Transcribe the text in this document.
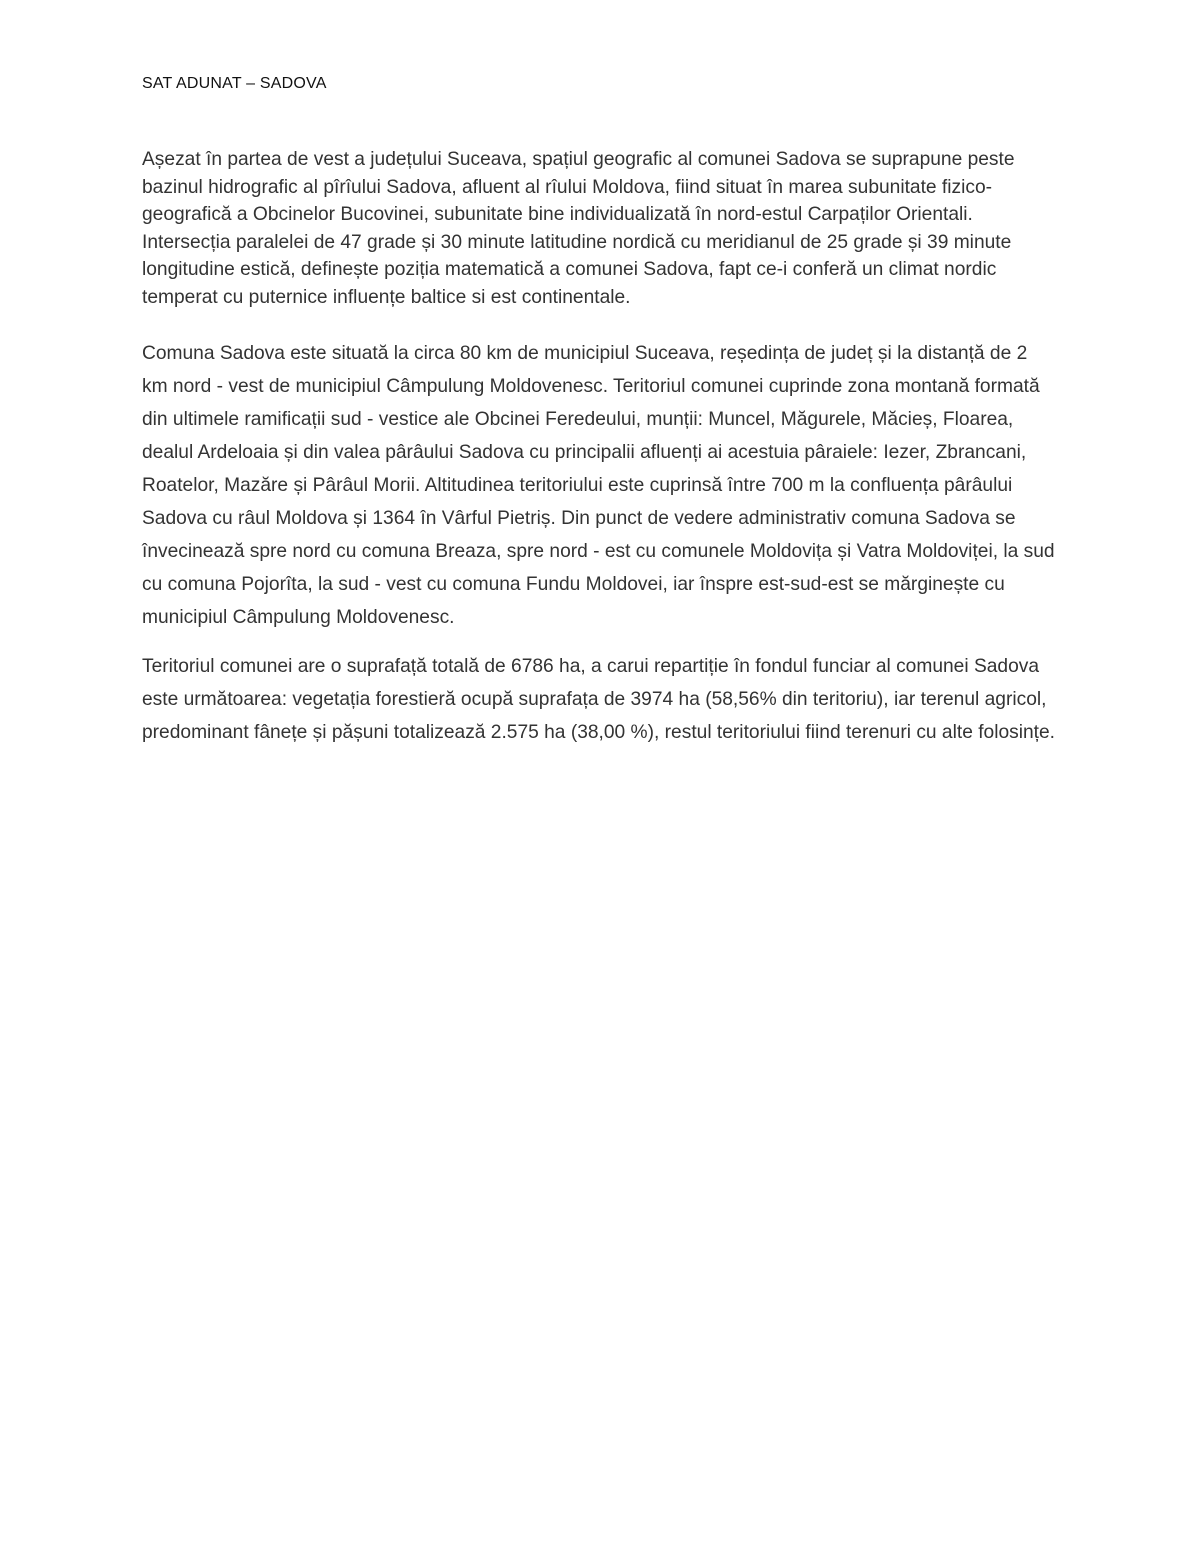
SAT ADUNAT – SADOVA

Așezat în partea de vest a județului Suceava, spațiul geografic al comunei Sadova se suprapune peste bazinul hidrografic al pîrîului Sadova, afluent al rîului Moldova, fiind situat în marea subunitate fizico-geografică a Obcinelor Bucovinei, subunitate bine individualizată în nord-estul Carpaților Orientali. Intersecția paralelei de 47 grade și 30 minute latitudine nordică cu meridianul de 25 grade și 39 minute longitudine estică, definește poziția matematică a comunei Sadova, fapt ce-i conferă un climat nordic temperat cu puternice influențe baltice si est continentale.

Comuna Sadova este situată la circa 80 km de municipiul Suceava, reședința de județ și la distanță de 2 km nord - vest de municipiul Câmpulung Moldovenesc. Teritoriul comunei cuprinde zona montană formată din ultimele ramificații sud - vestice ale Obcinei Feredeului, munții: Muncel, Măgurele, Măcieș, Floarea, dealul Ardeloaia și din valea pârâului Sadova cu principalii afluenți ai acestuia pâraiele: Iezer, Zbrancani, Roatelor, Mazăre și Pârâul Morii. Altitudinea teritoriului este cuprinsă între 700 m la confluența pârâului Sadova cu râul Moldova și 1364 în Vârful Pietriș. Din punct de vedere administrativ comuna Sadova se învecinează spre nord cu comuna Breaza, spre nord - est cu comunele Moldovița și Vatra Moldoviței, la sud cu comuna Pojorîta, la sud - vest cu comuna Fundu Moldovei, iar înspre est-sud-est se mărginește cu municipiul Câmpulung Moldovenesc.

Teritoriul comunei are o suprafață totală de 6786 ha, a carui repartiție în fondul funciar al comunei Sadova este următoarea: vegetația forestieră ocupă suprafața de 3974 ha (58,56% din teritoriu), iar terenul agricol, predominant fânețe și pășuni totalizează 2.575 ha (38,00 %), restul teritoriului fiind terenuri cu alte folosințe.
